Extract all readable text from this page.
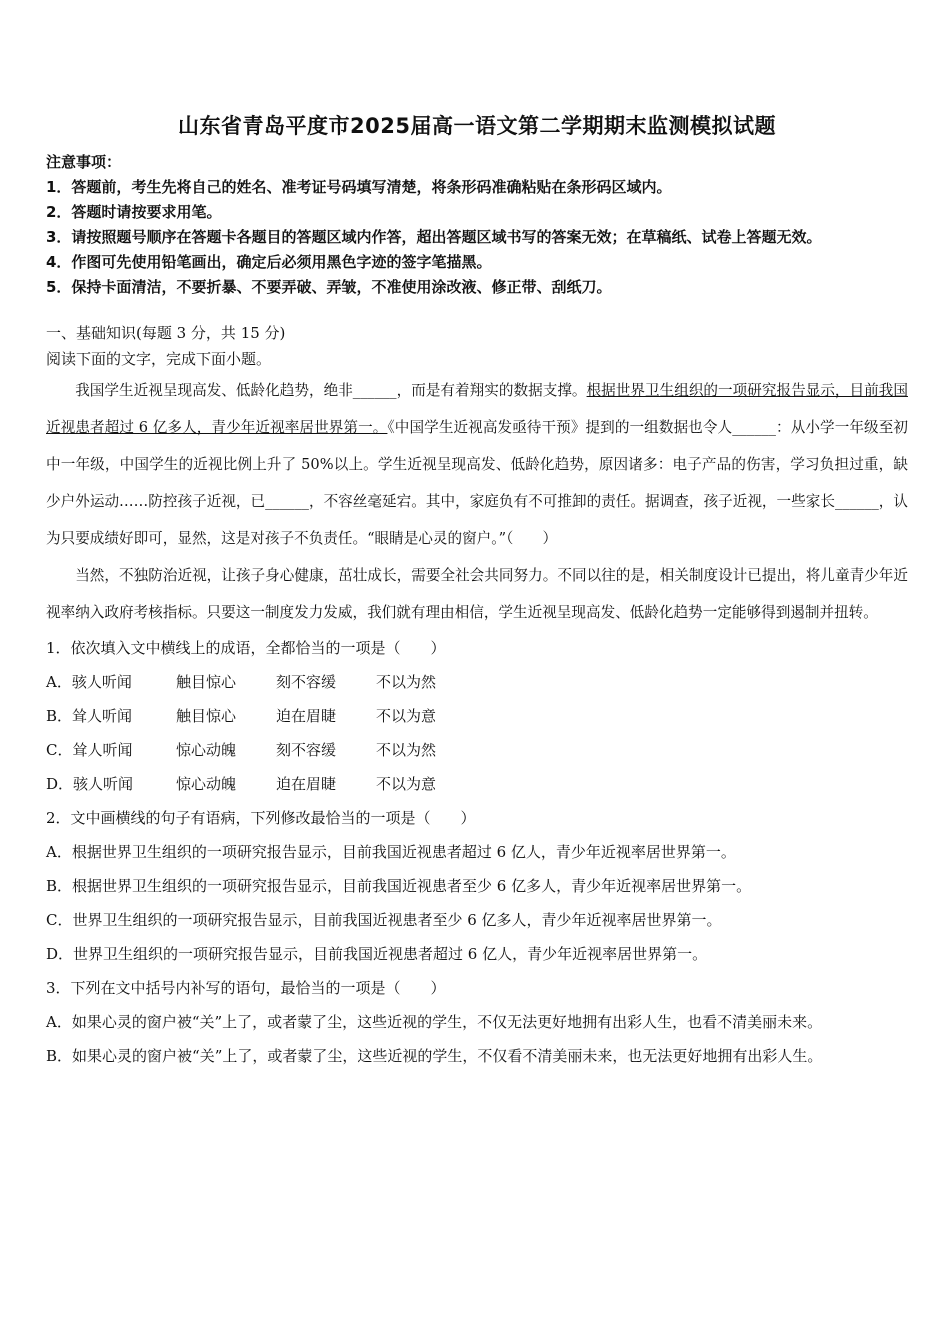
山东省青岛平度市2025届高一语文第二学期期末监测模拟试题
注意事项：
1．答题前，考生先将自己的姓名、准考证号码填写清楚，将条形码准确粘贴在条形码区域内。
2．答题时请按要求用笔。
3．请按照题号顺序在答题卡各题目的答题区域内作答，超出答题区域书写的答案无效；在草稿纸、试卷上答题无效。
4．作图可先使用铅笔画出，确定后必须用黑色字迹的签字笔描黑。
5．保持卡面清洁，不要折暴、不要弄破、弄皱，不准使用涂改液、修正带、刮纸刀。
一、基础知识(每题 3 分，共 15 分)
阅读下面的文字，完成下面小题。

我国学生近视呈现高发、低龄化趋势，绝非______，而是有着翔实的数据支撑。根据世界卫生组织的一项研究报告显示，目前我国近视患者超过 6 亿多人，青少年近视率居世界第一。《中国学生近视高发亟待干预》提到的一组数据也令人______：从小学一年级至初中一年级，中国学生的近视比例上升了 50%以上。学生近视呈现高发、低龄化趋势，原因诸多：电子产品的伤害，学习负担过重，缺少户外运动……防控孩子近视，已______，不容丝毫延宕。其中，家庭负有不可推卸的责任。据调查，孩子近视，一些家长______，认为只要成绩好即可，显然，这是对孩子不负责任。“眼睛是心灵的窗户。”（　　）

当然，不独防治近视，让孩子身心健康，茁壮成长，需要全社会共同努力。不同以往的是，相关制度设计已提出，将儿童青少年近视率纳入政府考核指标。只要这一制度发力发威，我们就有理由相信，学生近视呈现高发、低龄化趋势一定能够得到遏制并扭转。

1．依次填入文中横线上的成语，全都恰当的一项是（　　）
A．骇人听闻	触目惊心	刻不容缓	不以为然
B．耸人听闻	触目惊心	迫在眉睫	不以为意
C．耸人听闻	惊心动魄	刻不容缓	不以为然
D．骇人听闻	惊心动魄	迫在眉睫	不以为意
2．文中画横线的句子有语病，下列修改最恰当的一项是（　　）
A．根据世界卫生组织的一项研究报告显示，目前我国近视患者超过 6 亿人，青少年近视率居世界第一。
B．根据世界卫生组织的一项研究报告显示，目前我国近视患者至少 6 亿多人，青少年近视率居世界第一。
C．世界卫生组织的一项研究报告显示，目前我国近视患者至少 6 亿多人，青少年近视率居世界第一。
D．世界卫生组织的一项研究报告显示，目前我国近视患者超过 6 亿人，青少年近视率居世界第一。
3．下列在文中括号内补写的语句，最恰当的一项是（　　）
A．如果心灵的窗户被“关”上了，或者蒙了尘，这些近视的学生，不仅无法更好地拥有出彩人生，也看不清美丽未来。
B．如果心灵的窗户被“关”上了，或者蒙了尘，这些近视的学生，不仅看不清美丽未来，也无法更好地拥有出彩人生。
